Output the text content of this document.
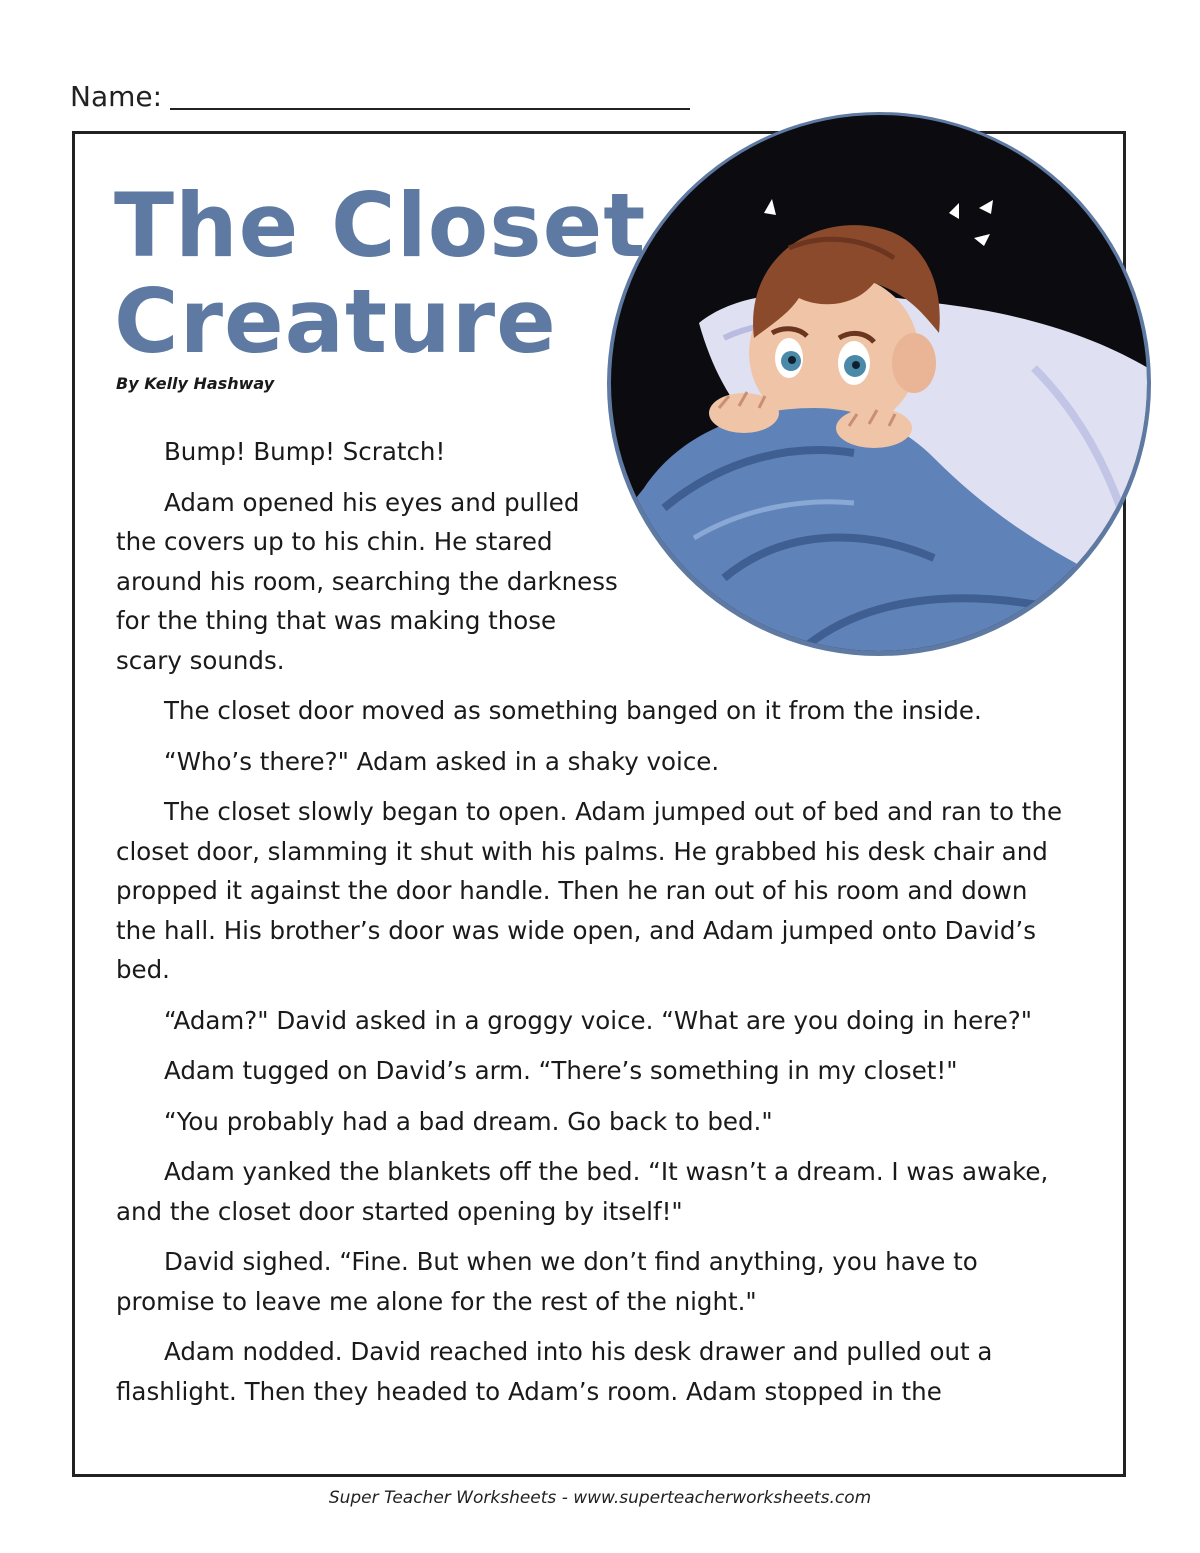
Name:
The Closet
Creature
By Kelly Hashway

Bump! Bump! Scratch!

Adam opened his eyes and pulled the covers up to his chin. He stared around his room, searching the darkness for the thing that was making those scary sounds.

The closet door moved as something banged on it from the inside.

“Who’s there?" Adam asked in a shaky voice.

The closet slowly began to open. Adam jumped out of bed and ran to the closet door, slamming it shut with his palms. He grabbed his desk chair and propped it against the door handle. Then he ran out of his room and down the hall. His brother’s door was wide open, and Adam jumped onto David’s bed.

“Adam?" David asked in a groggy voice. “What are you doing in here?"

Adam tugged on David’s arm. “There’s something in my closet!"

“You probably had a bad dream. Go back to bed."

Adam yanked the blankets off the bed. “It wasn’t a dream. I was awake, and the closet door started opening by itself!"

David sighed. “Fine. But when we don’t find anything, you have to promise to leave me alone for the rest of the night."

Adam nodded. David reached into his desk drawer and pulled out a flashlight. Then they headed to Adam’s room. Adam stopped in the

Super Teacher Worksheets - www.superteacherworksheets.com
